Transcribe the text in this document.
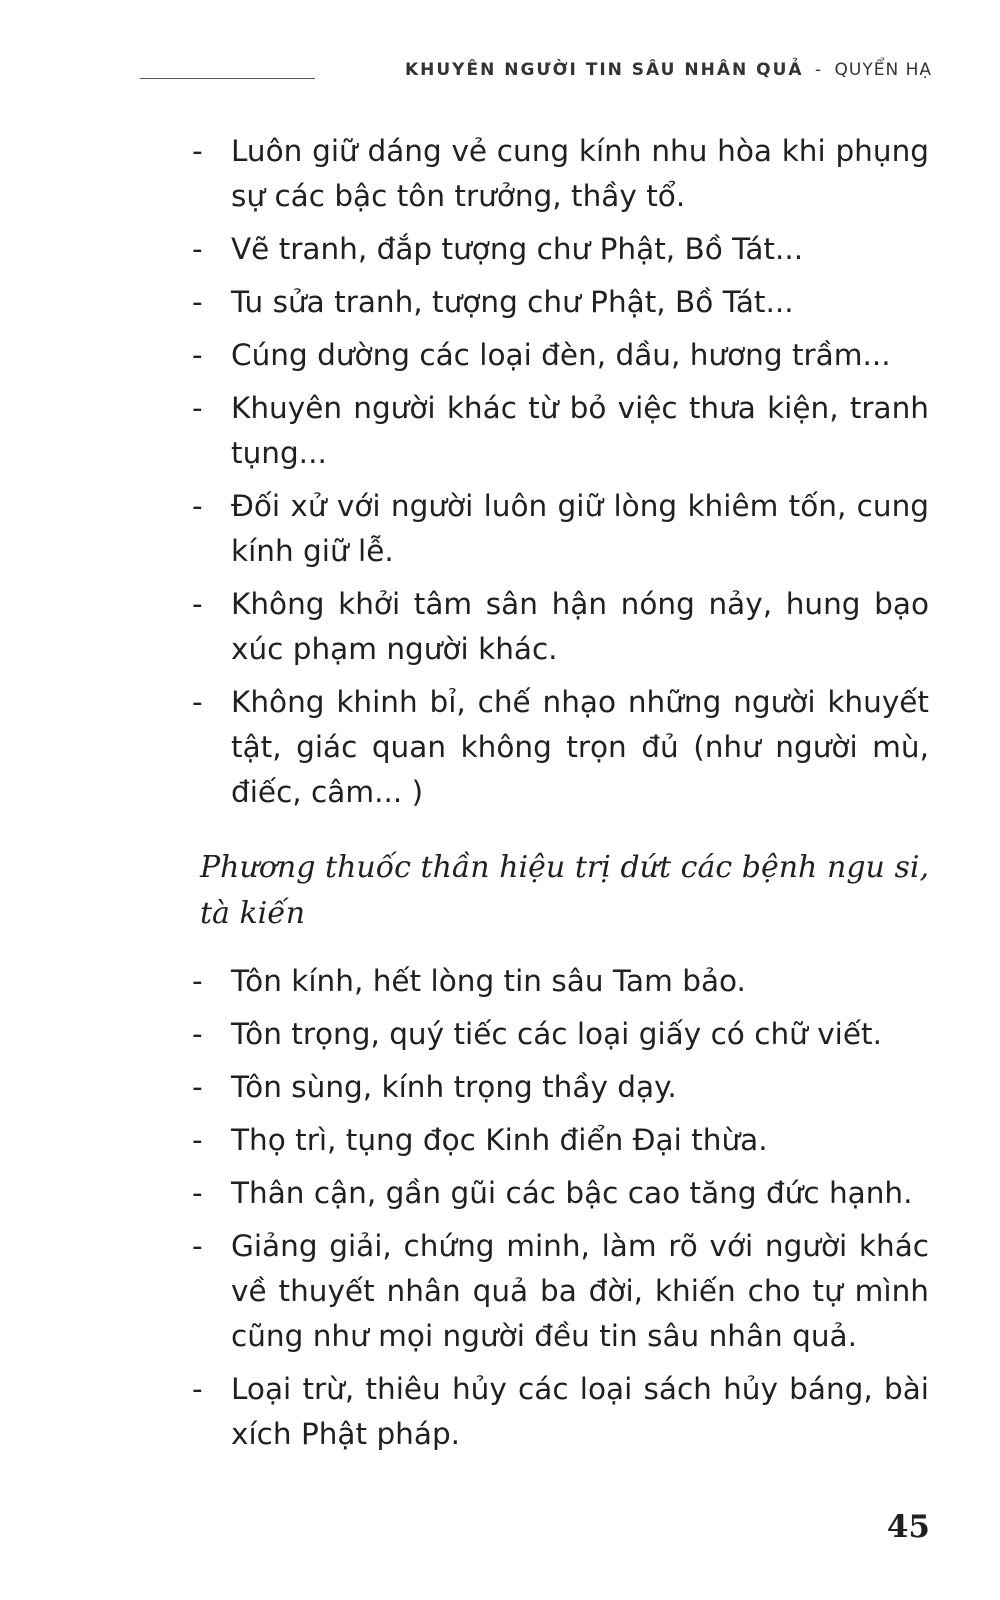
KHUYÊN NGƯỜI TIN SÂU NHÂN QUẢ - QUYỂN HẠ
- Luôn giữ dáng vẻ cung kính nhu hòa khi phụng sự các bậc tôn trưởng, thầy tổ.
- Vẽ tranh, đắp tượng chư Phật, Bồ Tát...
- Tu sửa tranh, tượng chư Phật, Bồ Tát...
- Cúng dường các loại đèn, dầu, hương trầm...
- Khuyên người khác từ bỏ việc thưa kiện, tranh tụng...
- Đối xử với người luôn giữ lòng khiêm tốn, cung kính giữ lễ.
- Không khởi tâm sân hận nóng nảy, hung bạo xúc phạm người khác.
- Không khinh bỉ, chế nhạo những người khuyết tật, giác quan không trọn đủ (như người mù, điếc, câm... )
Phương thuốc thần hiệu trị dứt các bệnh ngu si, tà kiến
- Tôn kính, hết lòng tin sâu Tam bảo.
- Tôn trọng, quý tiếc các loại giấy có chữ viết.
- Tôn sùng, kính trọng thầy dạy.
- Thọ trì, tụng đọc Kinh điển Đại thừa.
- Thân cận, gần gũi các bậc cao tăng đức hạnh.
- Giảng giải, chứng minh, làm rõ với người khác về thuyết nhân quả ba đời, khiến cho tự mình cũng như mọi người đều tin sâu nhân quả.
- Loại trừ, thiêu hủy các loại sách hủy báng, bài xích Phật pháp.
45
